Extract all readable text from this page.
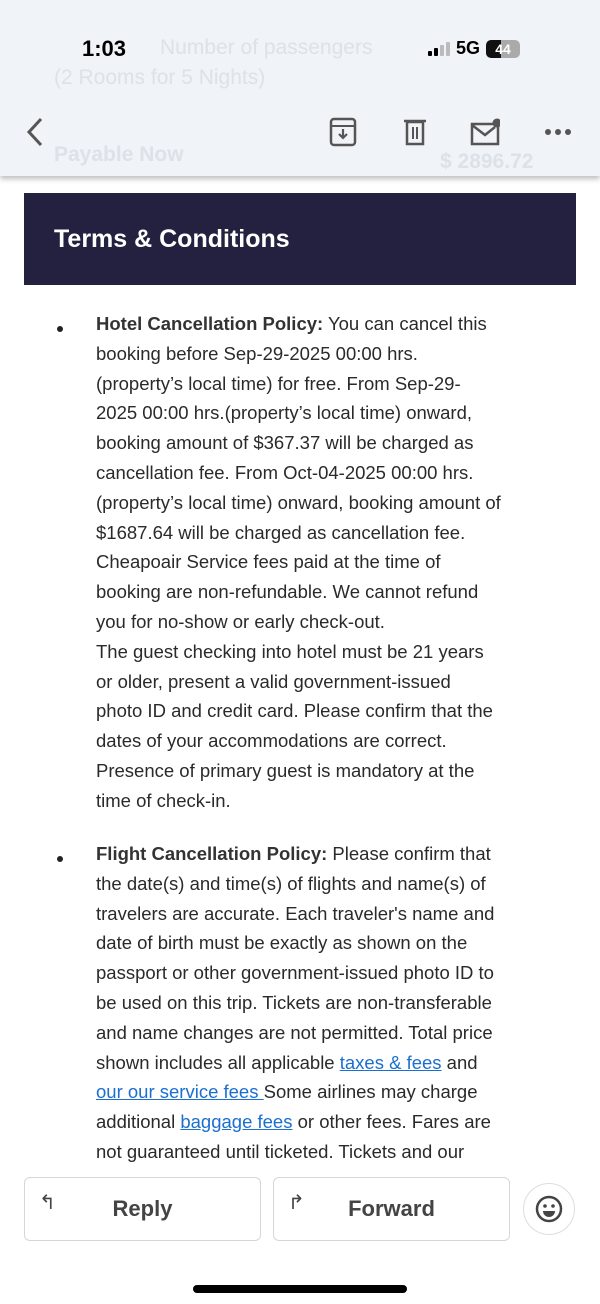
Number of passengers
(2 Rooms for 5 Nights)
Payable Now	$ 2896.72
1:03	5G	44
Terms & Conditions
Hotel Cancellation Policy: You can cancel this
booking before Sep-29-2025 00:00 hrs.
(property’s local time) for free. From Sep-29-
2025 00:00 hrs.(property’s local time) onward,
booking amount of $367.37 will be charged as
cancellation fee. From Oct-04-2025 00:00 hrs.
(property’s local time) onward, booking amount of
$1687.64 will be charged as cancellation fee.
Cheapoair Service fees paid at the time of
booking are non-refundable. We cannot refund
you for no-show or early check-out.
The guest checking into hotel must be 21 years
or older, present a valid government-issued
photo ID and credit card. Please confirm that the
dates of your accommodations are correct.
Presence of primary guest is mandatory at the
time of check-in.
Flight Cancellation Policy: Please confirm that
the date(s) and time(s) of flights and name(s) of
travelers are accurate. Each traveler's name and
date of birth must be exactly as shown on the
passport or other government-issued photo ID to
be used on this trip. Tickets are non-transferable
and name changes are not permitted. Total price
shown includes all applicable taxes & fees and
our our service fees Some airlines may charge
additional baggage fees or other fees. Fares are
not guaranteed until ticketed. Tickets and our
↰	Reply	↱	Forward
